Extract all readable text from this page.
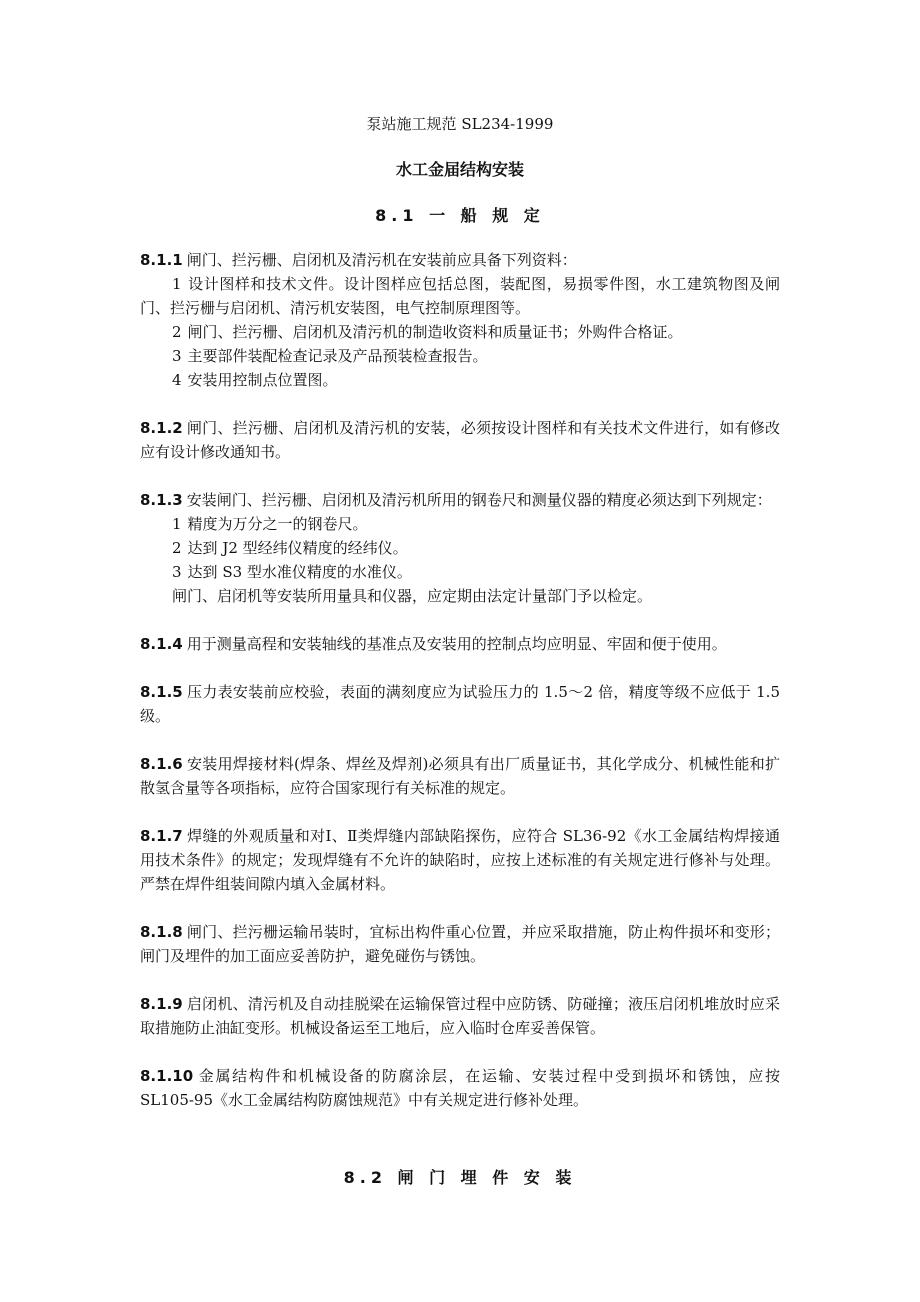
泵站施工规范 SL234-1999
水工金届结构安装
8.1 一 船 规 定

8.1.1 闸门、拦污栅、启闭机及清污机在安装前应具备下列资料：

1 设计图样和技术文件。设计图样应包括总图，装配图，易损零件图，水工建筑物图及闸门、拦污栅与启闭机、清污机安装图，电气控制原理图等。

2 闸门、拦污栅、启闭机及清污机的制造收资料和质量证书；外购件合格证。

3 主要部件装配检查记录及产品预装检查报告。

4 安装用控制点位置图。

8.1.2 闸门、拦污栅、启闭机及清污机的安装，必须按设计图样和有关技术文件进行，如有修改应有设计修改通知书。

8.1.3 安装闸门、拦污栅、启闭机及清污机所用的钢卷尺和测量仪器的精度必须达到下列规定：

1 精度为万分之一的钢卷尺。

2 达到 J2 型经纬仪精度的经纬仪。

3 达到 S3 型水准仪精度的水准仪。

闸门、启闭机等安装所用量具和仪器，应定期由法定计量部门予以检定。

8.1.4 用于测量高程和安装轴线的基准点及安装用的控制点均应明显、牢固和便于使用。

8.1.5 压力表安装前应校验，表面的满刻度应为试验压力的 1.5～2 倍，精度等级不应低于 1.5 级。

8.1.6 安装用焊接材料(焊条、焊丝及焊剂)必须具有出厂质量证书，其化学成分、机械性能和扩散氢含量等各项指标，应符合国家现行有关标准的规定。

8.1.7 焊缝的外观质量和对Ⅰ、Ⅱ类焊缝内部缺陷探伤，应符合 SL36-92《水工金属结构焊接通用技术条件》的规定；发现焊缝有不允许的缺陷时，应按上述标准的有关规定进行修补与处理。严禁在焊件组装间隙内填入金属材料。

8.1.8 闸门、拦污栅运输吊装时，宜标出构件重心位置，并应采取措施，防止构件损坏和变形；闸门及埋件的加工面应妥善防护，避免碰伤与锈蚀。

8.1.9 启闭机、清污机及自动挂脱梁在运输保管过程中应防锈、防碰撞；液压启闭机堆放时应采取措施防止油缸变形。机械设备运至工地后，应入临时仓库妥善保管。

8.1.10 金属结构件和机械设备的防腐涂层，在运输、安装过程中受到损坏和锈蚀，应按 SL105-95《水工金属结构防腐蚀规范》中有关规定进行修补处理。

8.2 闸 门 埋 件 安 装
